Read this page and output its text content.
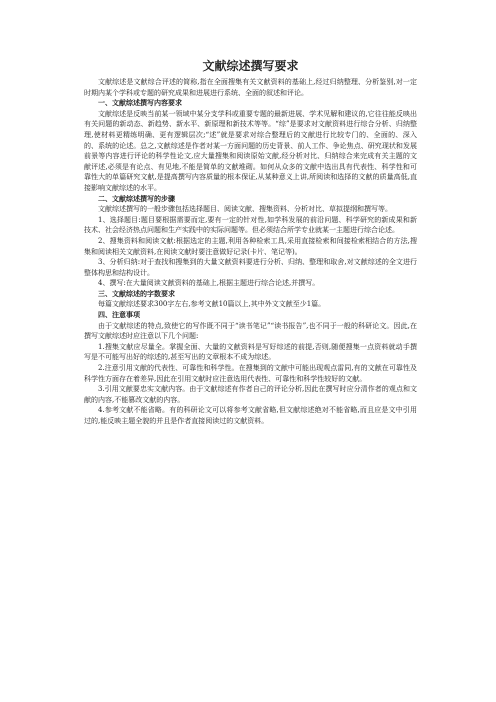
文献综述撰写要求

文献综述是文献综合评述的简称,指在全面搜集有关文献资料的基础上,经过归纳整理、分析鉴别,对一定时期内某个学科或专题的研究成果和进展进行系统、全面的叙述和评论。

一、文献综述撰写内容要求

文献综述是反映当前某一领域中某分支学科或重要专题的最新进展、学术见解和建议的,它往往能反映出有关问题的新动态、新趋势、新水平、新原理和新技术等等。“综”是要求对文献资料进行综合分析、归纳整理,使材料更精练明确、更有逻辑层次;“述”就是要求对综合整理后的文献进行比较专门的、全面的、深入的、系统的论述。总之,文献综述是作者对某一方面问题的历史背景、前人工作、争论焦点、研究现状和发展前景等内容进行评论的科学性论文,应大量搜集和阅读原始文献,经分析对比、归纳综合来完成有关主题的文献评述,必须是有论点、有见地,不能是简单的文献堆砌。如何从众多的文献中选出具有代表性、科学性和可靠性大的单篇研究文献,是提高撰写内容质量的根本保证,从某种意义上讲,所阅读和选择的文献的质量高低,直接影响文献综述的水平。

二、文献综述撰写的步骤

文献综述撰写的一般步骤包括选择题目、阅读文献、搜集资料、分析对比、草拟提纲和撰写等。

1、选择题目:题目要根据需要而定,要有一定的针对性,如学科发展的前沿问题、科学研究的新成果和新技术、社会经济热点问题和生产实践中的实际问题等。但必须结合所学专业就某一主题进行综合论述。

2、搜集资料和阅读文献:根据选定的主题,利用各种检索工具,采用直接检索和间接检索相结合的方法,搜集和阅读相关文献资料,在阅读文献时要注意做好记录(卡片、笔记等)。

3、分析归纳:对于查找和搜集到的大量文献资料要进行分析、归纳、整理和取舍,对文献综述的全文进行整体构思和结构设计。

4、撰写:在大量阅读文献资料的基础上,根据主题进行综合论述,并撰写。

三、文献综述的字数要求

每篇文献综述要求300字左右,参考文献10篇以上,其中外文文献至少1篇。

四、注意事项

由于文献综述的特点,致使它的写作既不同于“读书笔记”“读书报告”,也不同于一般的科研论文。因此,在撰写文献综述时应注意以下几个问题:

1.搜集文献应尽量全。掌握全面、大量的文献资料是写好综述的前提,否则,随便搜集一点资料就动手撰写是不可能写出好的综述的,甚至写出的文章根本不成为综述。

2.注意引用文献的代表性、可靠性和科学性。在搜集到的文献中可能出现观点雷同,有的文献在可靠性及科学性方面存在着差异,因此在引用文献时应注意选用代表性、可靠性和科学性较好的文献。

3.引用文献要忠实文献内容。由于文献综述有作者自己的评论分析,因此在撰写时应分清作者的观点和文献的内容,不能篡改文献的内容。

4.参考文献不能省略。有的科研论文可以将参考文献省略,但文献综述绝对不能省略,而且应是文中引用过的,能反映主题全貌的并且是作者直接阅读过的文献资料。
